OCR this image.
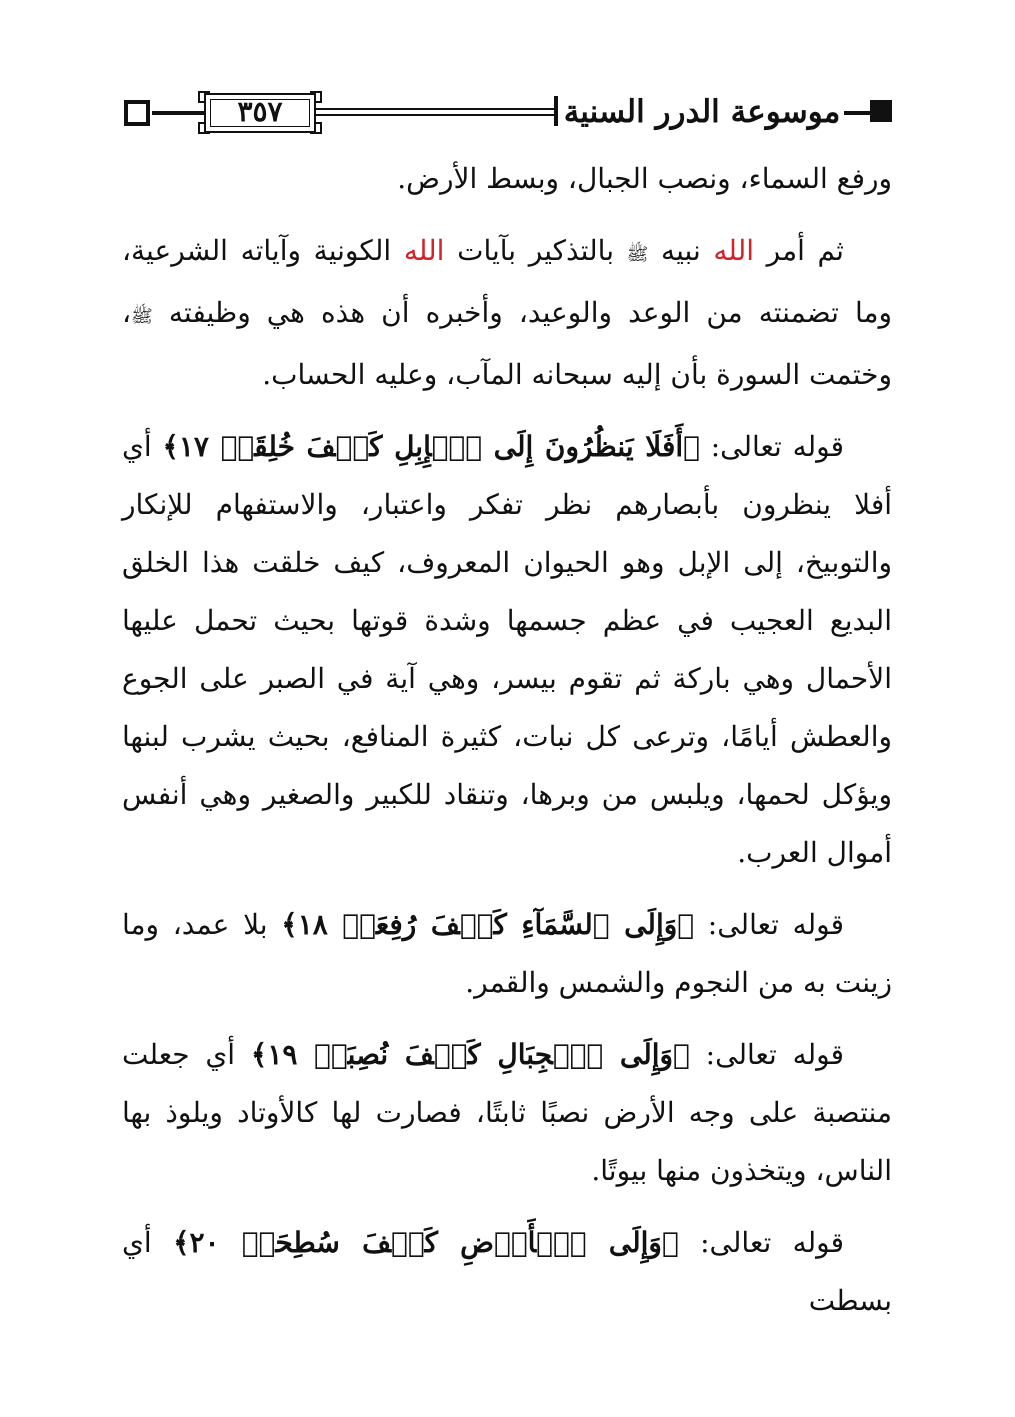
٣٥٧	موسوعة الدرر السنية

ورفع السماء، ونصب الجبال، وبسط الأرض.

ثم أمر الله نبيه ﷺ بالتذكير بآيات الله الكونية وآياته الشرعية، وما تضمنته من الوعد والوعيد، وأخبره أن هذه هي وظيفته ﷺ، وختمت السورة بأن إليه سبحانه المآب، وعليه الحساب.

قوله تعالى: ﴿أَفَلَا يَنظُرُونَ إِلَى ٱلۡإِبِلِ كَيۡفَ خُلِقَتۡ ١٧﴾ أي أفلا ينظرون بأبصارهم نظر تفكر واعتبار، والاستفهام للإنكار والتوبيخ، إلى الإبل وهو الحيوان المعروف، كيف خلقت هذا الخلق البديع العجيب في عظم جسمها وشدة قوتها بحيث تحمل عليها الأحمال وهي باركة ثم تقوم بيسر، وهي آية في الصبر على الجوع والعطش أيامًا، وترعى كل نبات، كثيرة المنافع، بحيث يشرب لبنها ويؤكل لحمها، ويلبس من وبرها، وتنقاد للكبير والصغير وهي أنفس أموال العرب.

قوله تعالى: ﴿وَإِلَى ٱلسَّمَآءِ كَيۡفَ رُفِعَتۡ ١٨﴾ بلا عمد، وما زينت به من النجوم والشمس والقمر.

قوله تعالى: ﴿وَإِلَى ٱلۡجِبَالِ كَيۡفَ نُصِبَتۡ ١٩﴾ أي جعلت منتصبة على وجه الأرض نصبًا ثابتًا، فصارت لها كالأوتاد ويلوذ بها الناس، ويتخذون منها بيوتًا.

قوله تعالى: ﴿وَإِلَى ٱلۡأَرۡضِ كَيۡفَ سُطِحَتۡ ٢٠﴾ أي بسطت
